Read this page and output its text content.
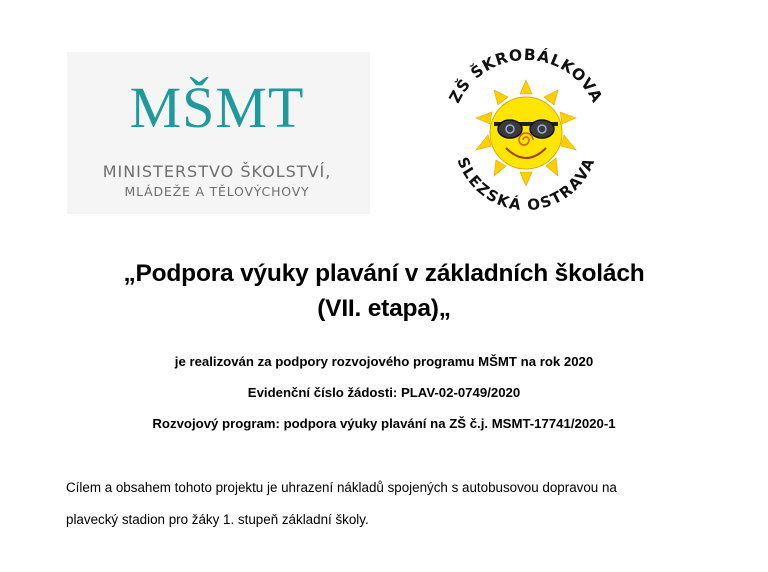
MŠMT
MINISTERSTVO ŠKOLSTVÍ,
MLÁDEŽE A TĚLOVÝCHOVY
ZŠ ŠKROBÁLKOVA
SLEZSKÁ OSTRAVA
„Podpora výuky plavání v základních školách
(VII. etapa)„
je realizován za podpory rozvojového programu MŠMT na rok 2020
Evidenční číslo žádosti: PLAV-02-0749/2020
Rozvojový program: podpora výuky plavání na ZŠ č.j. MSMT-17741/2020-1
Cílem a obsahem tohoto projektu je uhrazení nákladů spojených s autobusovou dopravou na
plavecký stadion pro žáky 1. stupeň základní školy.
